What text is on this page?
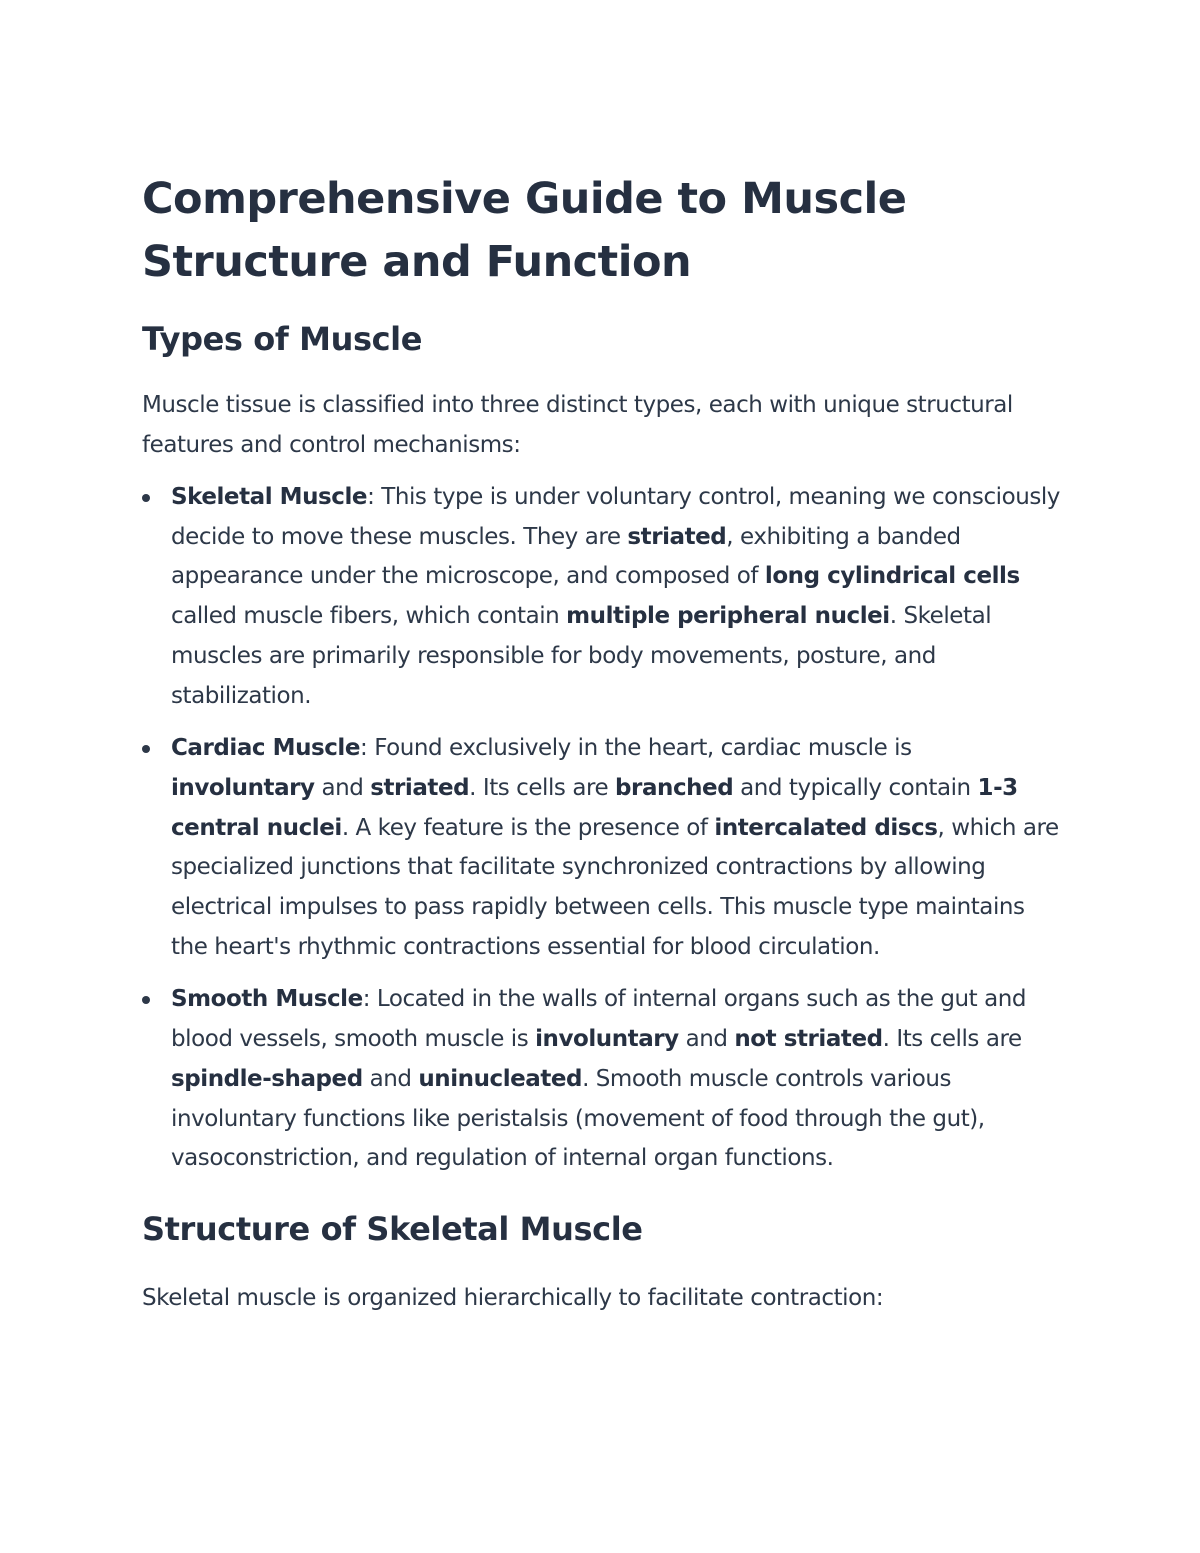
Comprehensive Guide to Muscle Structure and Function
Types of Muscle

Muscle tissue is classified into three distinct types, each with unique structural features and control mechanisms:

Skeletal Muscle: This type is under voluntary control, meaning we consciously decide to move these muscles. They are striated, exhibiting a banded appearance under the microscope, and composed of long cylindrical cells called muscle fibers, which contain multiple peripheral nuclei. Skeletal muscles are primarily responsible for body movements, posture, and stabilization.
Cardiac Muscle: Found exclusively in the heart, cardiac muscle is involuntary and striated. Its cells are branched and typically contain 1-3 central nuclei. A key feature is the presence of intercalated discs, which are specialized junctions that facilitate synchronized contractions by allowing electrical impulses to pass rapidly between cells. This muscle type maintains the heart's rhythmic contractions essential for blood circulation.
Smooth Muscle: Located in the walls of internal organs such as the gut and blood vessels, smooth muscle is involuntary and not striated. Its cells are spindle-shaped and uninucleated. Smooth muscle controls various involuntary functions like peristalsis (movement of food through the gut), vasoconstriction, and regulation of internal organ functions.
Structure of Skeletal Muscle

Skeletal muscle is organized hierarchically to facilitate contraction:
